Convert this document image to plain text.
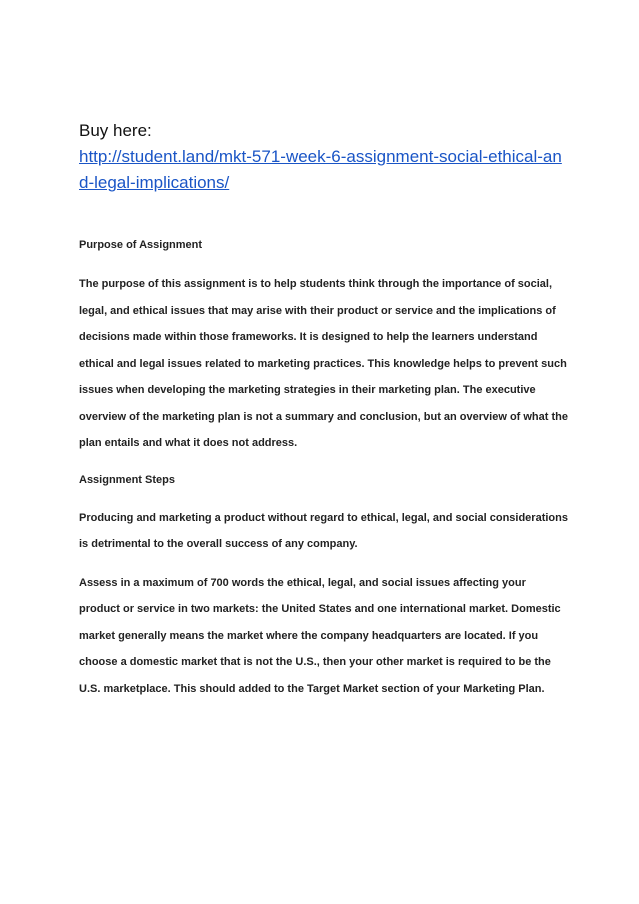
Buy here:

http://student.land/mkt-571-week-6-assignment-social-ethical-and-legal-implications/

Purpose of Assignment

The purpose of this assignment is to help students think through the importance of social, legal, and ethical issues that may arise with their product or service and the implications of decisions made within those frameworks. It is designed to help the learners understand ethical and legal issues related to marketing practices. This knowledge helps to prevent such issues when developing the marketing strategies in their marketing plan. The executive overview of the marketing plan is not a summary and conclusion, but an overview of what the plan entails and what it does not address.

Assignment Steps

Producing and marketing a product without regard to ethical, legal, and social considerations is detrimental to the overall success of any company.

Assess in a maximum of 700 words the ethical, legal, and social issues affecting your product or service in two markets: the United States and one international market. Domestic market generally means the market where the company headquarters are located. If you choose a domestic market that is not the U.S., then your other market is required to be the U.S. marketplace. This should added to the Target Market section of your Marketing Plan.
